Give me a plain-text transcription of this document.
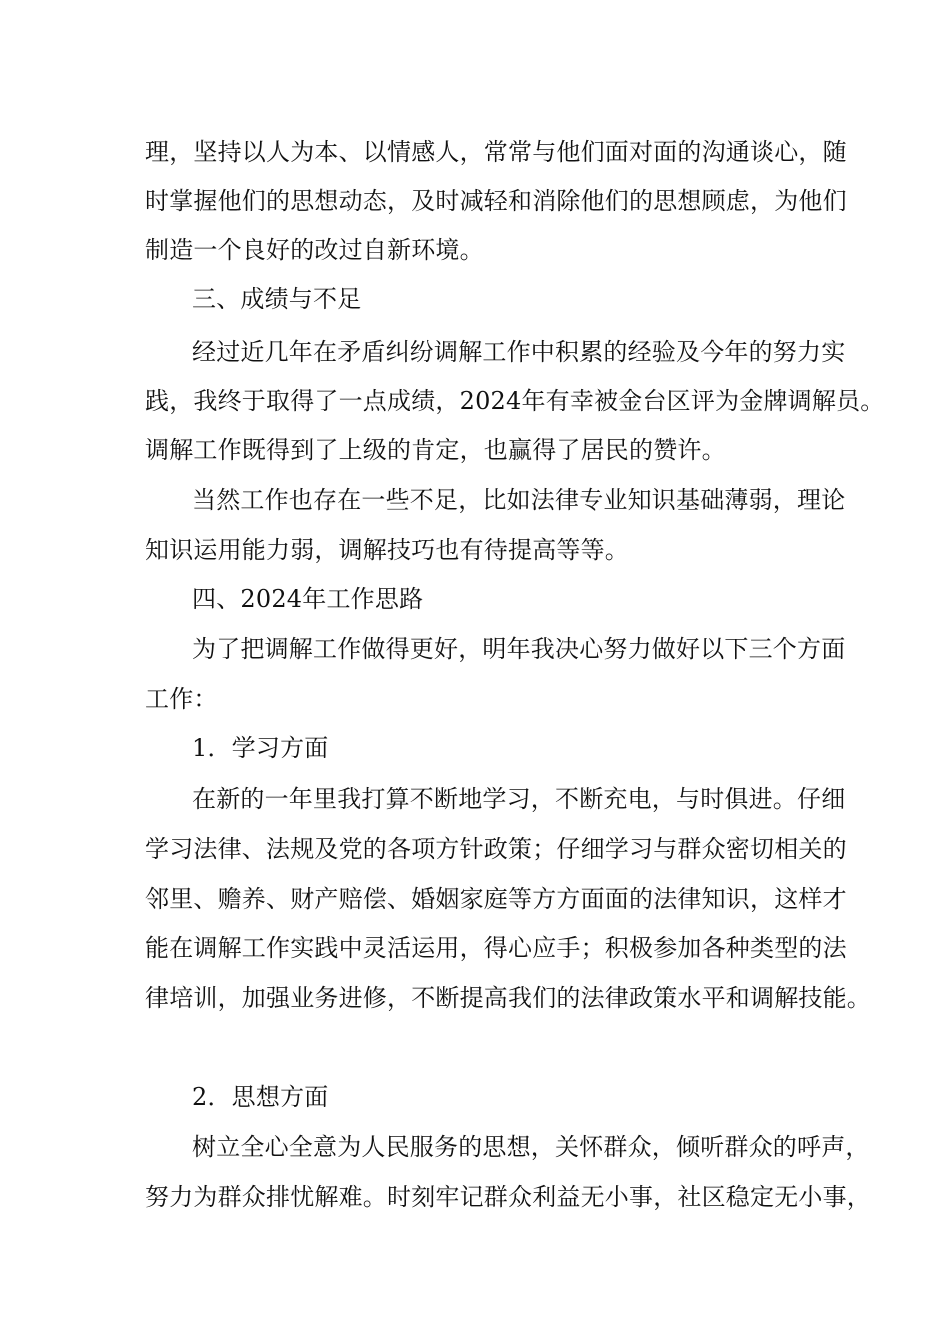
理，坚持以人为本、以情感人，常常与他们面对面的沟通谈心，随
时掌握他们的思想动态，及时减轻和消除他们的思想顾虑，为他们
制造一个良好的改过自新环境。
三、成绩与不足
经过近几年在矛盾纠纷调解工作中积累的经验及今年的努力实
践，我终于取得了一点成绩，2024年有幸被金台区评为金牌调解员。
调解工作既得到了上级的肯定，也赢得了居民的赞许。
当然工作也存在一些不足，比如法律专业知识基础薄弱，理论
知识运用能力弱，调解技巧也有待提高等等。
四、2024年工作思路
为了把调解工作做得更好，明年我决心努力做好以下三个方面
工作：
1．学习方面
在新的一年里我打算不断地学习，不断充电，与时俱进。仔细
学习法律、法规及党的各项方针政策；仔细学习与群众密切相关的
邻里、赡养、财产赔偿、婚姻家庭等方方面面的法律知识，这样才
能在调解工作实践中灵活运用，得心应手；积极参加各种类型的法
律培训，加强业务进修，不断提高我们的法律政策水平和调解技能。
2．思想方面
树立全心全意为人民服务的思想，关怀群众，倾听群众的呼声，
努力为群众排忧解难。时刻牢记群众利益无小事，社区稳定无小事，
